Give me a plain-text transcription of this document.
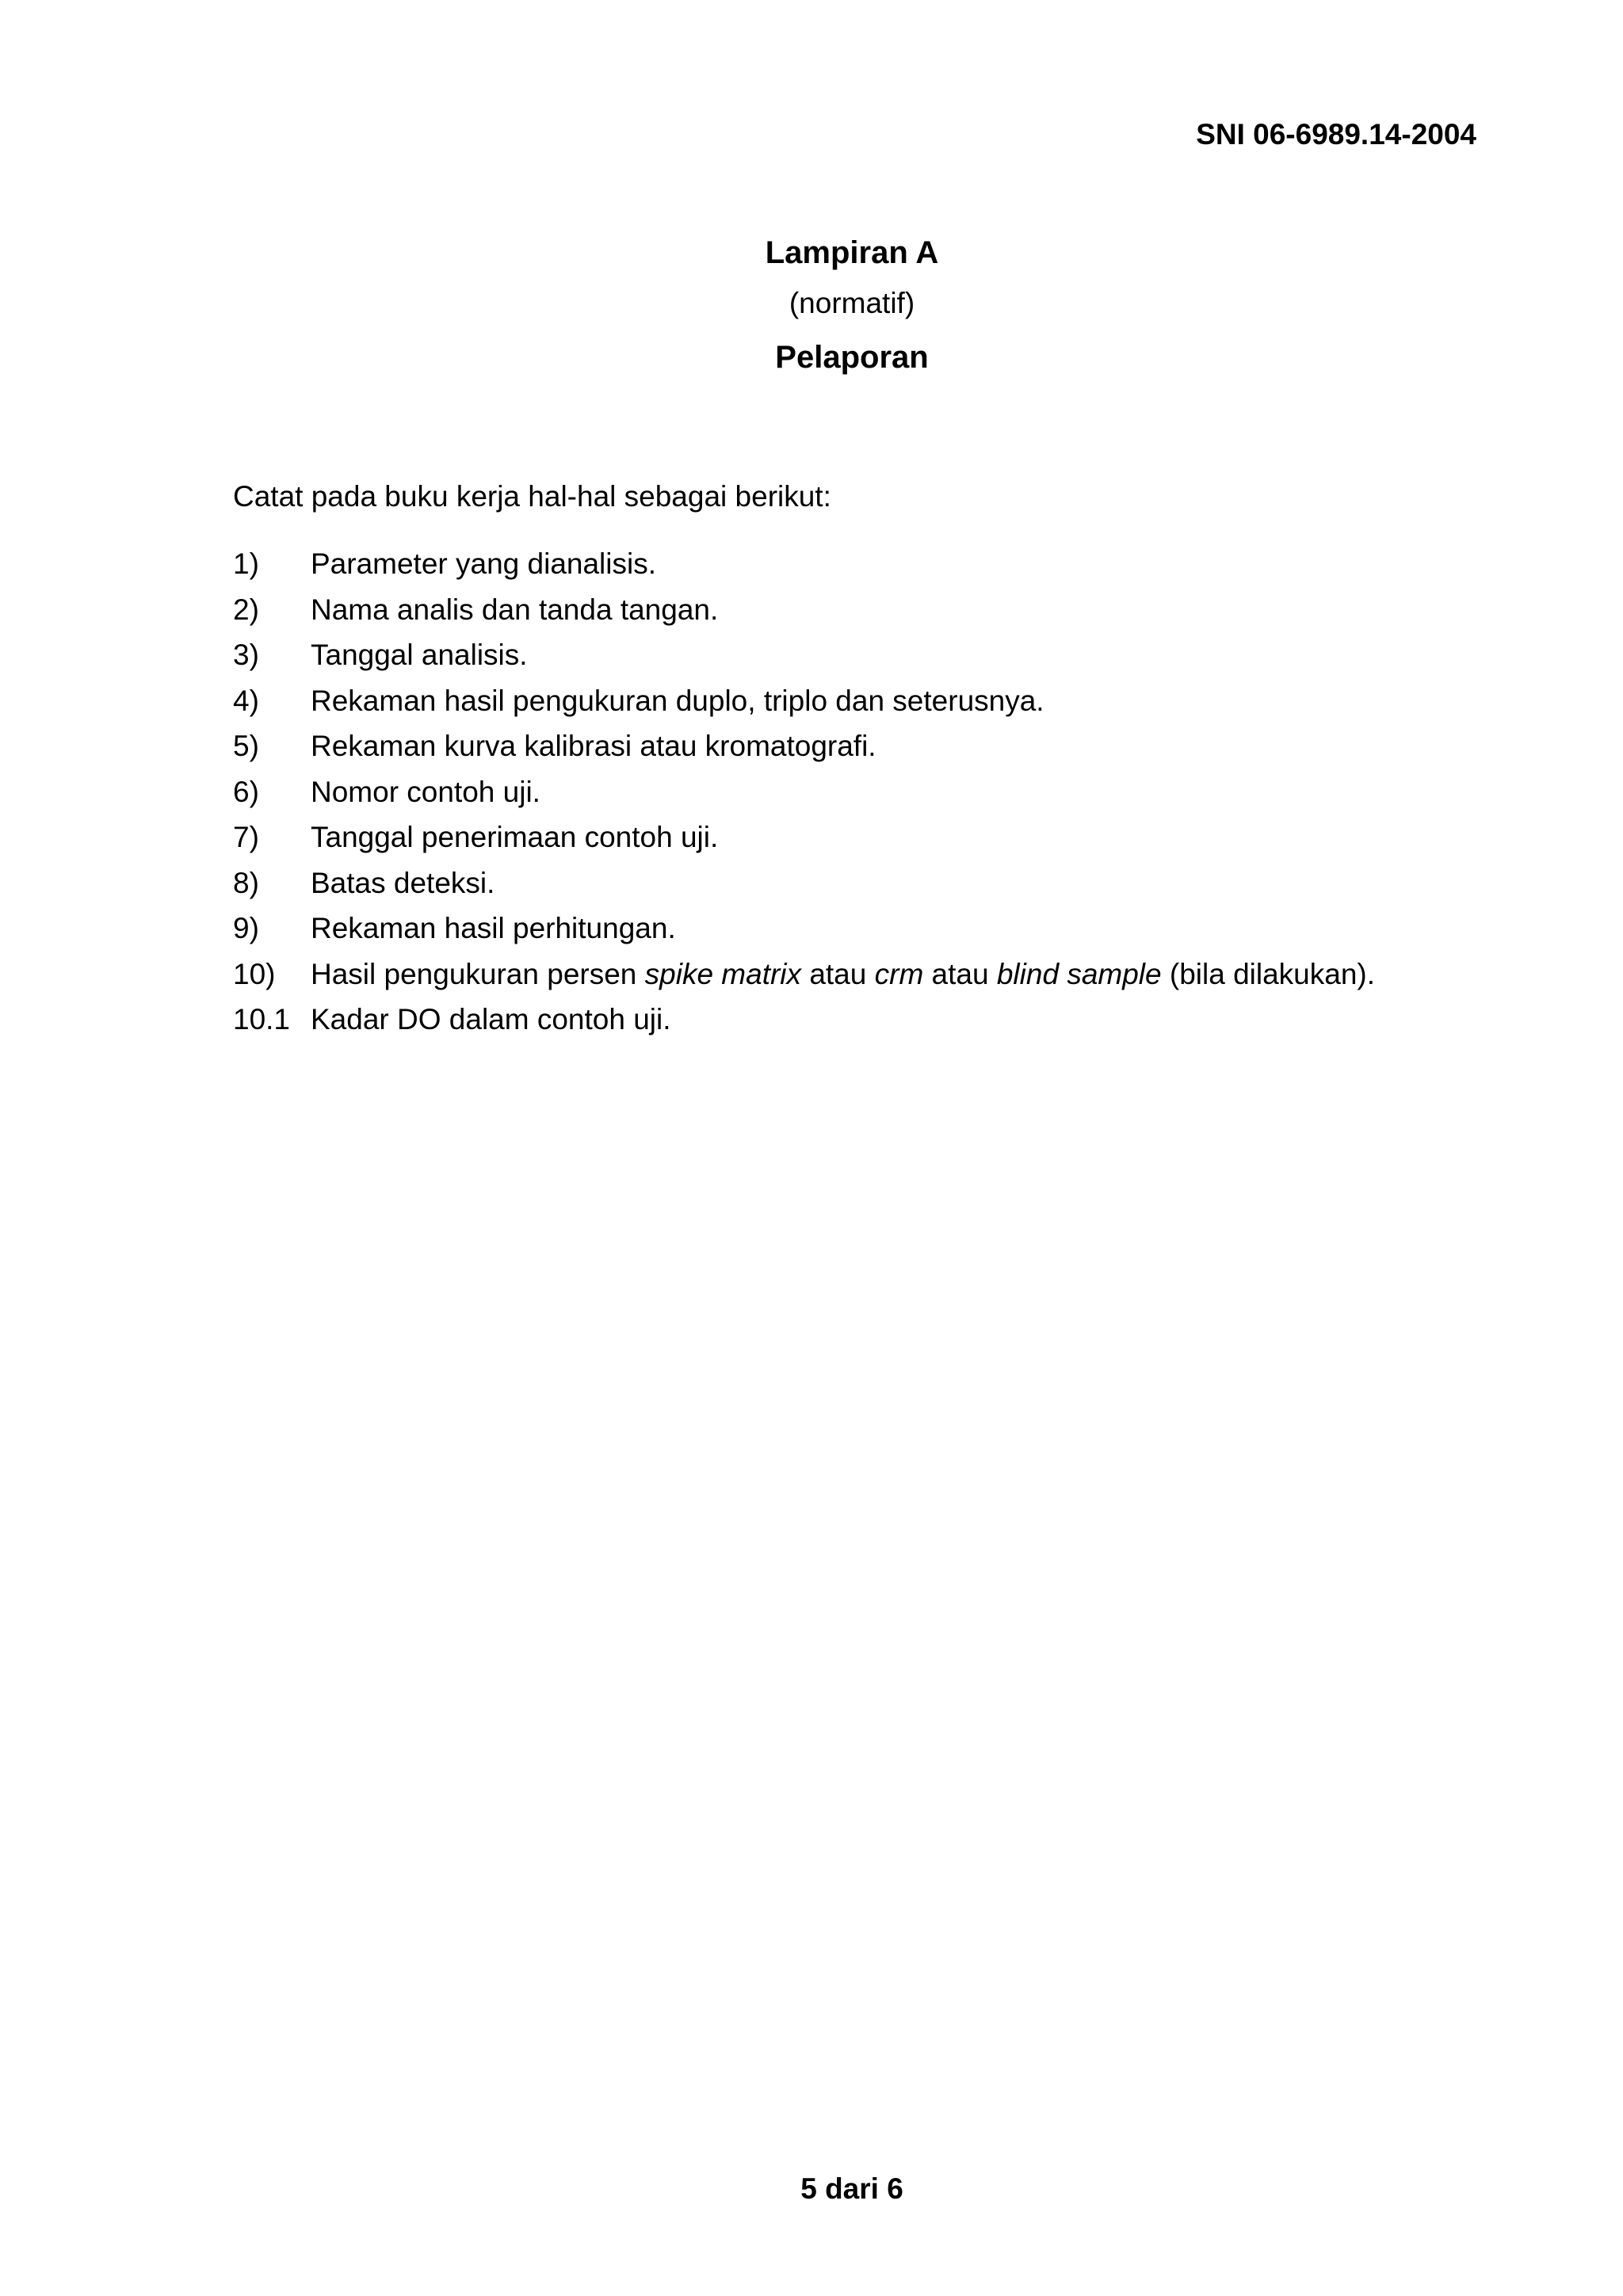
SNI 06-6989.14-2004
Lampiran A
(normatif)
Pelaporan
Catat pada buku kerja hal-hal sebagai berikut:
1) Parameter yang dianalisis.
2) Nama analis dan tanda tangan.
3) Tanggal analisis.
4) Rekaman hasil pengukuran duplo, triplo dan seterusnya.
5) Rekaman kurva kalibrasi atau kromatografi.
6) Nomor contoh uji.
7) Tanggal penerimaan contoh uji.
8) Batas deteksi.
9) Rekaman hasil perhitungan.
10) Hasil pengukuran persen spike matrix atau crm atau blind sample (bila dilakukan).
10.1 Kadar DO dalam contoh uji.
5 dari 6
